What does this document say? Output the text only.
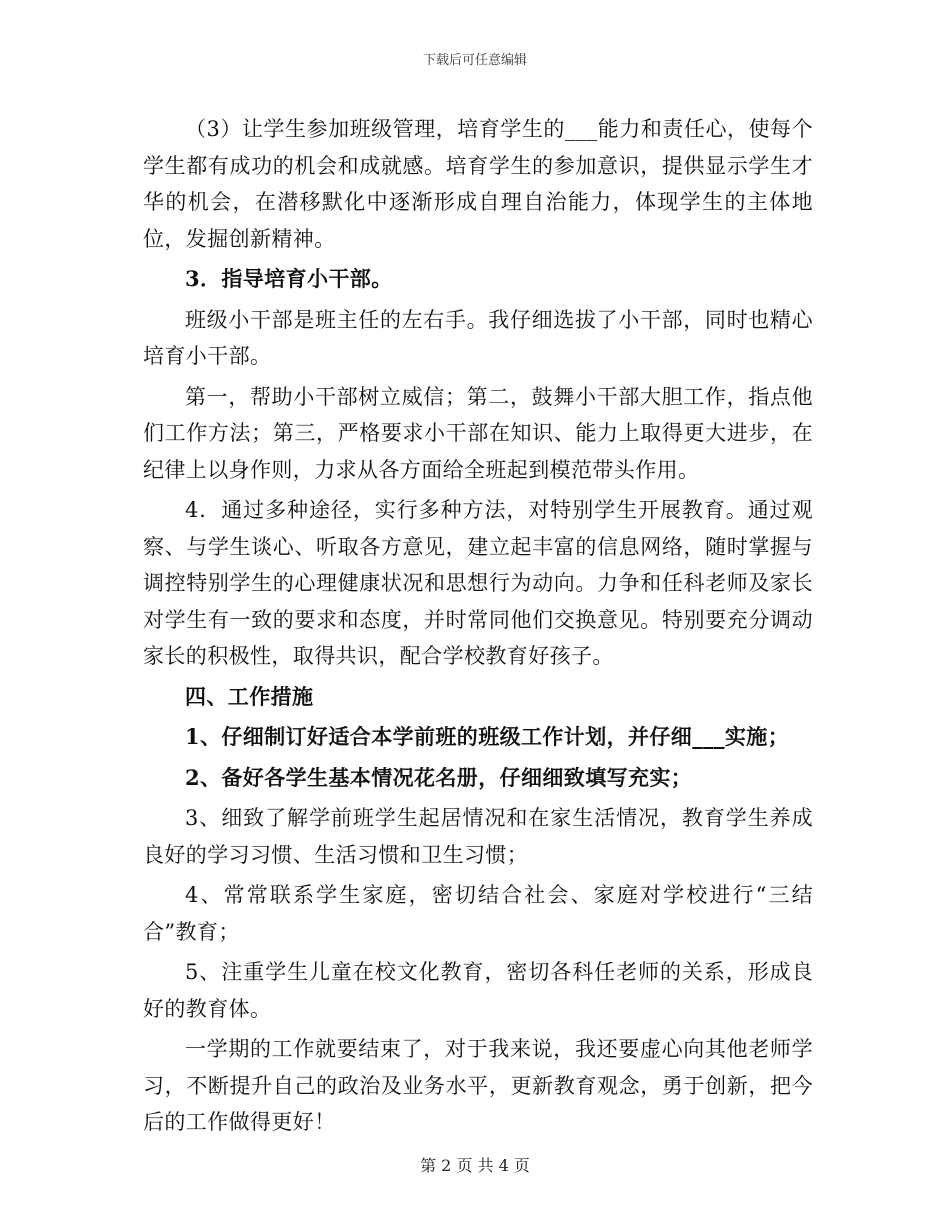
下载后可任意编辑

（3）让学生参加班级管理，培育学生的___能力和责任心，使每个学生都有成功的机会和成就感。培育学生的参加意识，提供显示学生才华的机会，在潜移默化中逐渐形成自理自治能力，体现学生的主体地位，发掘创新精神。

3．指导培育小干部。

班级小干部是班主任的左右手。我仔细选拔了小干部，同时也精心培育小干部。

第一，帮助小干部树立威信；第二，鼓舞小干部大胆工作，指点他们工作方法；第三，严格要求小干部在知识、能力上取得更大进步，在纪律上以身作则，力求从各方面给全班起到模范带头作用。

4．通过多种途径，实行多种方法，对特别学生开展教育。通过观察、与学生谈心、听取各方意见，建立起丰富的信息网络，随时掌握与调控特别学生的心理健康状况和思想行为动向。力争和任科老师及家长对学生有一致的要求和态度，并时常同他们交换意见。特别要充分调动家长的积极性，取得共识，配合学校教育好孩子。

四、工作措施

1、仔细制订好适合本学前班的班级工作计划，并仔细___实施；

2、备好各学生基本情况花名册，仔细细致填写充实；

3、细致了解学前班学生起居情况和在家生活情况，教育学生养成良好的学习习惯、生活习惯和卫生习惯；

4、常常联系学生家庭，密切结合社会、家庭对学校进行“三结合”教育；

5、注重学生儿童在校文化教育，密切各科任老师的关系，形成良好的教育体。

一学期的工作就要结束了，对于我来说，我还要虚心向其他老师学习，不断提升自己的政治及业务水平，更新教育观念，勇于创新，把今后的工作做得更好！

第 2 页 共 4 页
